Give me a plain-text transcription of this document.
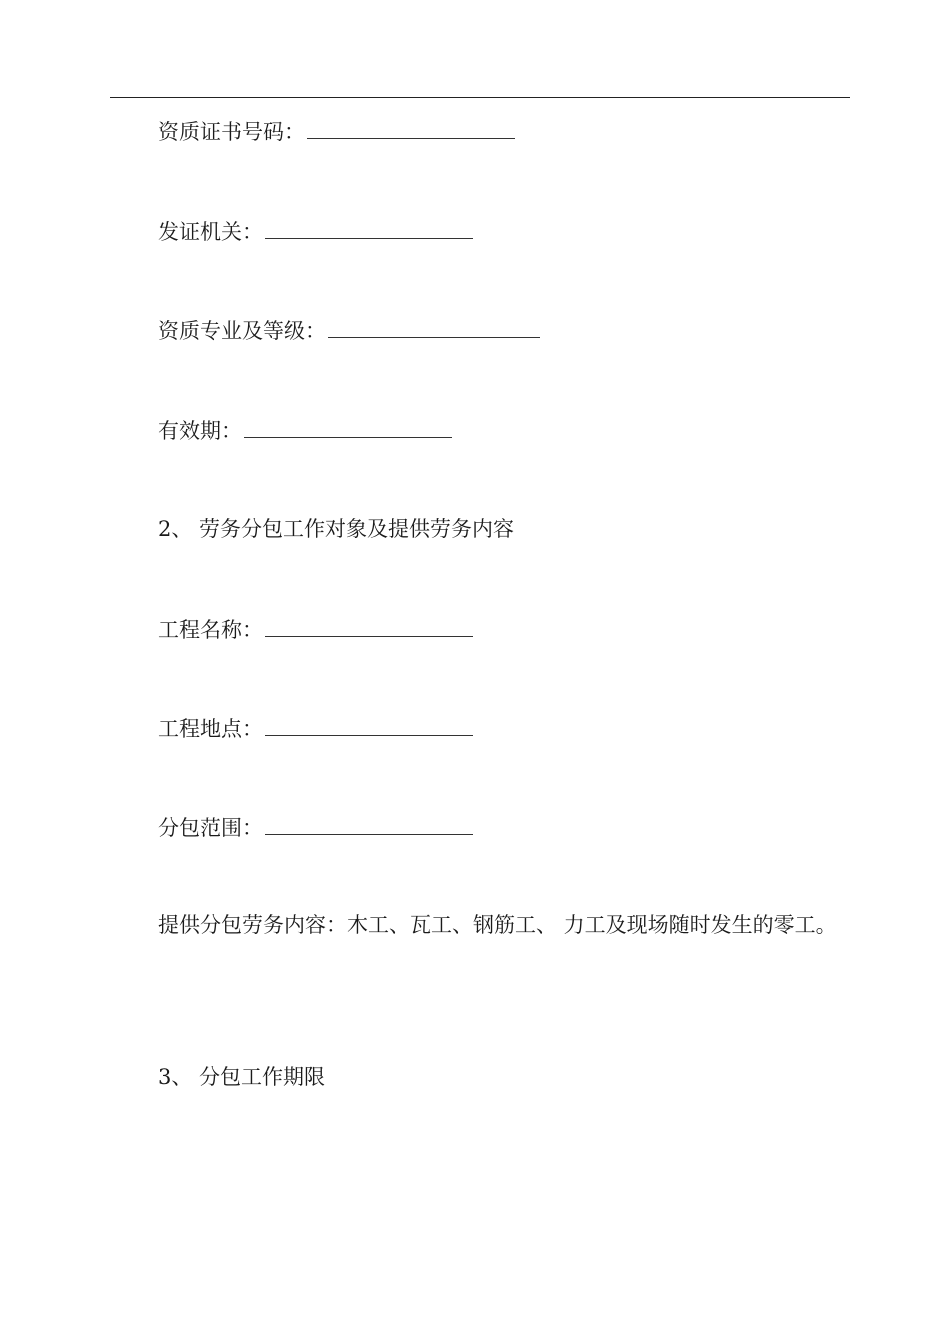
资质证书号码：
发证机关：
资质专业及等级：
有效期：
2、 劳务分包工作对象及提供劳务内容
工程名称：
工程地点：
分包范围：
提供分包劳务内容：木工、瓦工、钢筋工、 力工及现场随时发生的零工。
3、 分包工作期限
